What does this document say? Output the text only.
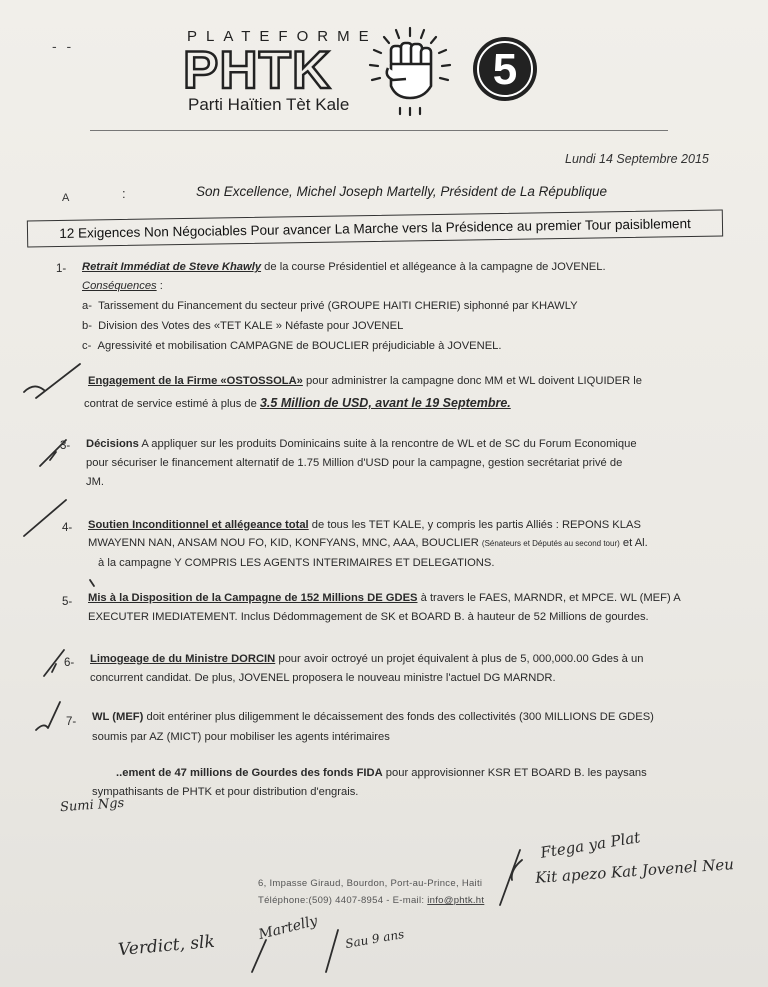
- -
PLATEFORME
PHTK
Parti Haïtien Tèt Kale
5
Lundi 14 Septembre 2015
A	:	Son Excellence, Michel Joseph Martelly, Président de La République
12 Exigences Non Négociables Pour avancer La Marche vers la Présidence au premier Tour paisiblement
1- Retrait Immédiat de Steve Khawly de la course Présidentiel et allégeance à la campagne de JOVENEL.
Conséquences :
a- Tarissement du Financement du secteur privé (GROUPE HAITI CHERIE) siphonné par KHAWLY
b- Division des Votes des «TET KALE » Néfaste pour JOVENEL
c- Agressivité et mobilisation CAMPAGNE de BOUCLIER préjudiciable à JOVENEL.
Engagement de la Firme «OSTOSSOLA» pour administrer la campagne donc MM et WL doivent LIQUIDER le
contrat de service estimé à plus de 3.5 Million de USD, avant le 19 Septembre.
3- Décisions A appliquer sur les produits Dominicains suite à la rencontre de WL et de SC du Forum Economique
pour sécuriser le financement alternatif de 1.75 Million d'USD pour la campagne, gestion secrétariat privé de
JM.
4- Soutien Inconditionnel et allégeance total de tous les TET KALE, y compris les partis Alliés : REPONS KLAS
MWAYENN NAN, ANSAM NOU FO, KID, KONFYANS, MNC, AAA, BOUCLIER (Sénateurs et Députés au second tour) et Al.
à la campagne Y COMPRIS LES AGENTS INTERIMAIRES ET DELEGATIONS.
5- Mis à la Disposition de la Campagne de 152 Millions DE GDES à travers le FAES, MARNDR, et MPCE. WL (MEF) A
EXECUTER IMEDIATEMENT. Inclus Dédommagement de SK et BOARD B. à hauteur de 52 Millions de gourdes.
6- Limogeage de du Ministre DORCIN pour avoir octroyé un projet équivalent à plus de 5, 000,000.00 Gdes à un
concurrent candidat. De plus, JOVENEL proposera le nouveau ministre l'actuel DG MARNDR.
7- WL (MEF) doit entériner plus diligemment le décaissement des fonds des collectivités (300 MILLIONS DE GDES)
soumis par AZ (MICT) pour mobiliser les agents intérimaires
..ement de 47 millions de Gourdes des fonds FIDA pour approvisionner KSR ET BOARD B. les paysans
sympathisants de PHTK et pour distribution d'engrais.
6, Impasse Giraud, Bourdon, Port-au-Prince, Haiti
Téléphone:(509) 4407-8954 - E-mail: info@phtk.ht
Sumi Ngs
Ftega ya Plat
Kit apezo Kat Jovenel Neu
Verdict, slk
Martelly Sau 9 ans
